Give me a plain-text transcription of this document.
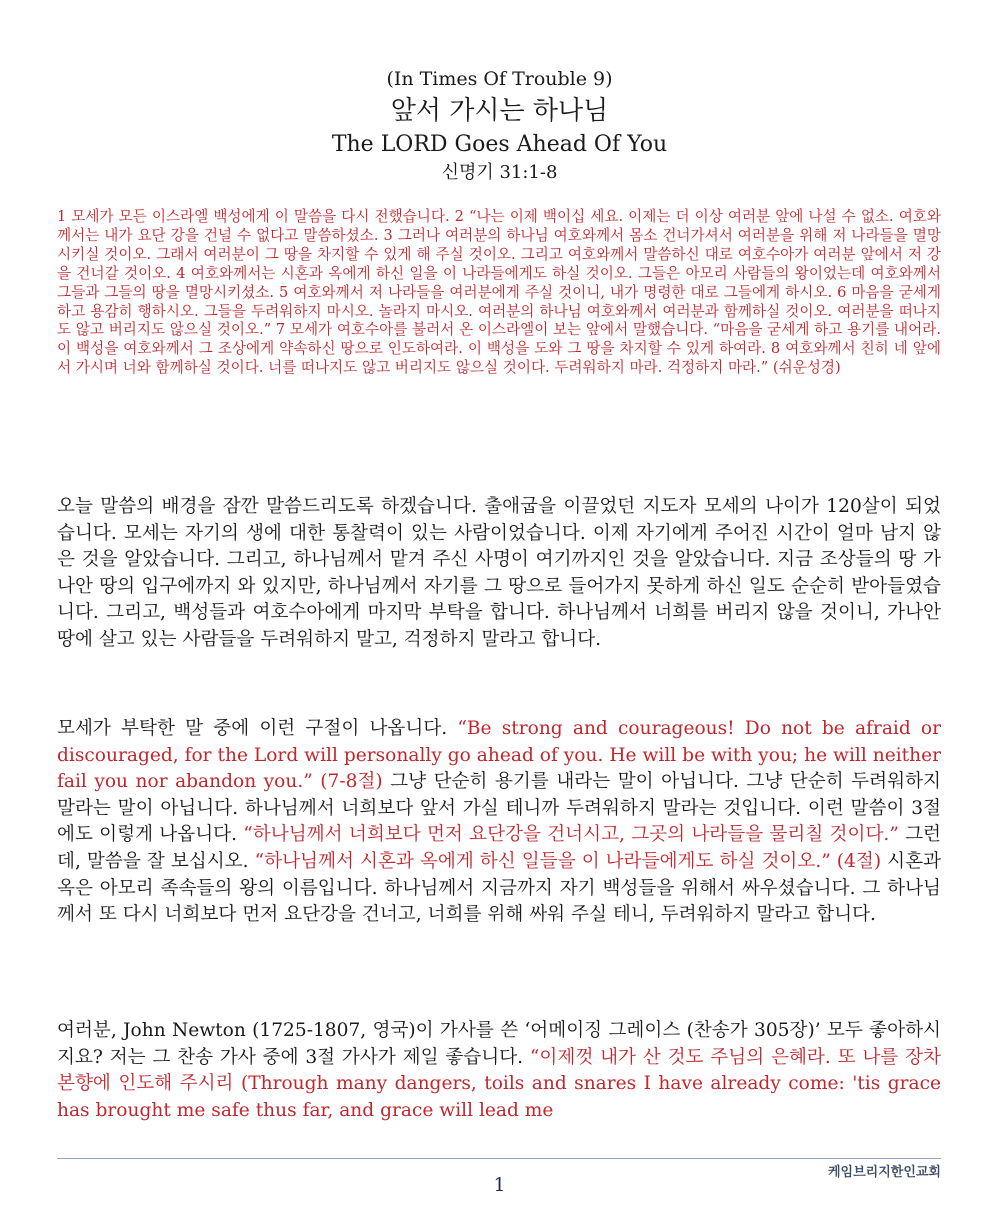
(In Times Of Trouble 9)
앞서 가시는 하나님
The LORD Goes Ahead Of You
신명기 31:1-8

1 모세가 모든 이스라엘 백성에게 이 말씀을 다시 전했습니다. 2 “나는 이제 백이십 세요. 이제는 더 이상 여러분 앞에 나설 수 없소. 여호와께서는 내가 요단 강을 건널 수 없다고 말씀하셨소. 3 그러나 여러분의 하나님 여호와께서 몸소 건너가셔서 여러분을 위해 저 나라들을 멸망시키실 것이오. 그래서 여러분이 그 땅을 차지할 수 있게 해 주실 것이오. 그리고 여호와께서 말씀하신 대로 여호수아가 여러분 앞에서 저 강을 건너갈 것이오. 4 여호와께서는 시혼과 옥에게 하신 일을 이 나라들에게도 하실 것이오. 그들은 아모리 사람들의 왕이었는데 여호와께서 그들과 그들의 땅을 멸망시키셨소. 5 여호와께서 저 나라들을 여러분에게 주실 것이니, 내가 명령한 대로 그들에게 하시오. 6 마음을 굳세게 하고 용감히 행하시오. 그들을 두려워하지 마시오. 놀라지 마시오. 여러분의 하나님 여호와께서 여러분과 함께하실 것이오. 여러분을 떠나지도 않고 버리지도 않으실 것이오.” 7 모세가 여호수아를 불러서 온 이스라엘이 보는 앞에서 말했습니다. “마음을 굳세게 하고 용기를 내어라. 이 백성을 여호와께서 그 조상에게 약속하신 땅으로 인도하여라. 이 백성을 도와 그 땅을 차지할 수 있게 하여라. 8 여호와께서 친히 네 앞에서 가시며 너와 함께하실 것이다. 너를 떠나지도 않고 버리지도 않으실 것이다. 두려워하지 마라. 걱정하지 마라.” (쉬운성경)

오늘 말씀의 배경을 잠깐 말씀드리도록 하겠습니다. 출애굽을 이끌었던 지도자 모세의 나이가 120살이 되었습니다. 모세는 자기의 생에 대한 통찰력이 있는 사람이었습니다. 이제 자기에게 주어진 시간이 얼마 남지 않은 것을 알았습니다. 그리고, 하나님께서 맡겨 주신 사명이 여기까지인 것을 알았습니다. 지금 조상들의 땅 가나안 땅의 입구에까지 와 있지만, 하나님께서 자기를 그 땅으로 들어가지 못하게 하신 일도 순순히 받아들였습니다. 그리고, 백성들과 여호수아에게 마지막 부탁을 합니다. 하나님께서 너희를 버리지 않을 것이니, 가나안 땅에 살고 있는 사람들을 두려워하지 말고, 걱정하지 말라고 합니다.

모세가 부탁한 말 중에 이런 구절이 나옵니다. “Be strong and courageous! Do not be afraid or discouraged, for the Lord will personally go ahead of you. He will be with you; he will neither fail you nor abandon you.” (7-8절) 그냥 단순히 용기를 내라는 말이 아닙니다. 그냥 단순히 두려워하지 말라는 말이 아닙니다. 하나님께서 너희보다 앞서 가실 테니까 두려워하지 말라는 것입니다. 이런 말씀이 3절에도 이렇게 나옵니다. “하나님께서 너희보다 먼저 요단강을 건너시고, 그곳의 나라들을 물리칠 것이다.” 그런데, 말씀을 잘 보십시오. “하나님께서 시혼과 옥에게 하신 일들을 이 나라들에게도 하실 것이오.” (4절) 시혼과 옥은 아모리 족속들의 왕의 이름입니다. 하나님께서 지금까지 자기 백성들을 위해서 싸우셨습니다. 그 하나님께서 또 다시 너희보다 먼저 요단강을 건너고, 너희를 위해 싸워 주실 테니, 두려워하지 말라고 합니다.

여러분, John Newton (1725-1807, 영국)이 가사를 쓴 ‘어메이징 그레이스 (찬송가 305장)’ 모두 좋아하시지요? 저는 그 찬송 가사 중에 3절 가사가 제일 좋습니다. “이제껏 내가 산 것도 주님의 은혜라. 또 나를 장차 본향에 인도해 주시리 (Through many dangers, toils and snares I have already come: 'tis grace has brought me safe thus far, and grace will lead me

케임브리지한인교회
1
